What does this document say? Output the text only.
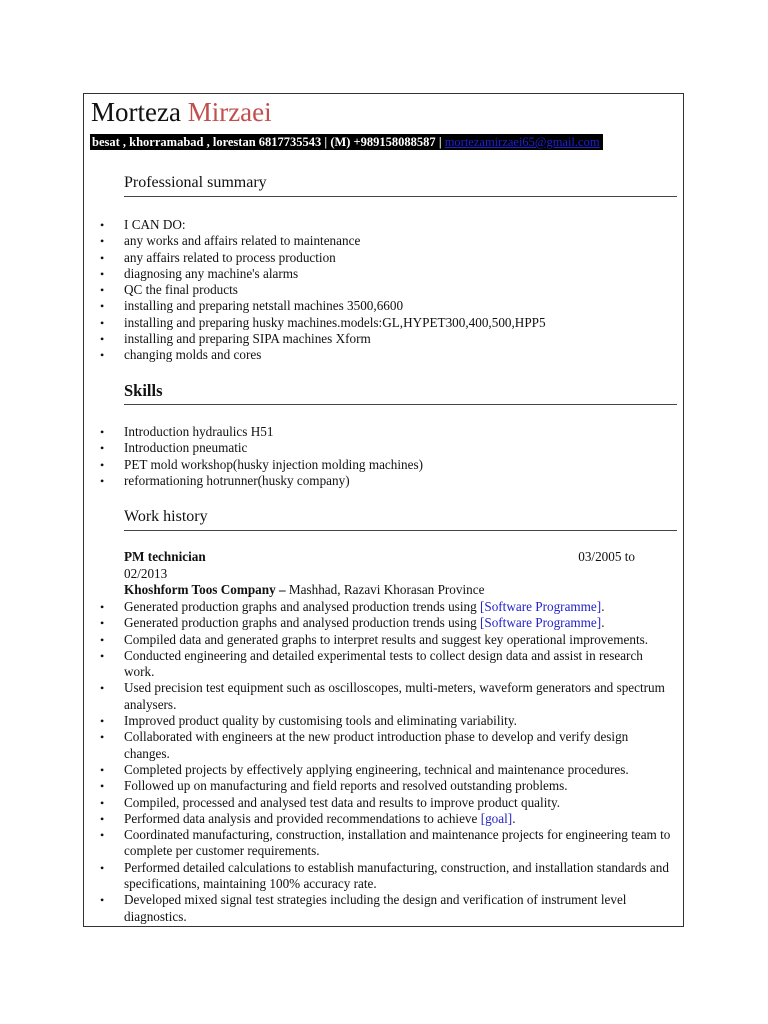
Morteza Mirzaei
besat , khorramabad , lorestan 6817735543 | (M) +989158088587 | mortezamirzaei65@gmail.com
Professional summary
• I CAN DO:
• any works and affairs related to maintenance
• any affairs related to process production
• diagnosing any machine's alarms
• QC the final products
• installing and preparing netstall machines 3500,6600
• installing and preparing husky machines.models:GL,HYPET300,400,500,HPP5
• installing and preparing SIPA machines Xform
• changing molds and cores
Skills
• Introduction hydraulics H51
• Introduction pneumatic
• PET mold workshop(husky injection molding machines)
• reformationing hotrunner(husky company)
Work history
PM technician	03/2005 to
02/2013
Khoshform Toos Company – Mashhad, Razavi Khorasan Province
• Generated production graphs and analysed production trends using [Software Programme].
• Generated production graphs and analysed production trends using [Software Programme].
• Compiled data and generated graphs to interpret results and suggest key operational improvements.
• Conducted engineering and detailed experimental tests to collect design data and assist in research work.
• Used precision test equipment such as oscilloscopes, multi-meters, waveform generators and spectrum analysers.
• Improved product quality by customising tools and eliminating variability.
• Collaborated with engineers at the new product introduction phase to develop and verify design changes.
• Completed projects by effectively applying engineering, technical and maintenance procedures.
• Followed up on manufacturing and field reports and resolved outstanding problems.
• Compiled, processed and analysed test data and results to improve product quality.
• Performed data analysis and provided recommendations to achieve [goal].
• Coordinated manufacturing, construction, installation and maintenance projects for engineering team to complete per customer requirements.
• Performed detailed calculations to establish manufacturing, construction, and installation standards and specifications, maintaining 100% accuracy rate.
• Developed mixed signal test strategies including the design and verification of instrument level diagnostics.
